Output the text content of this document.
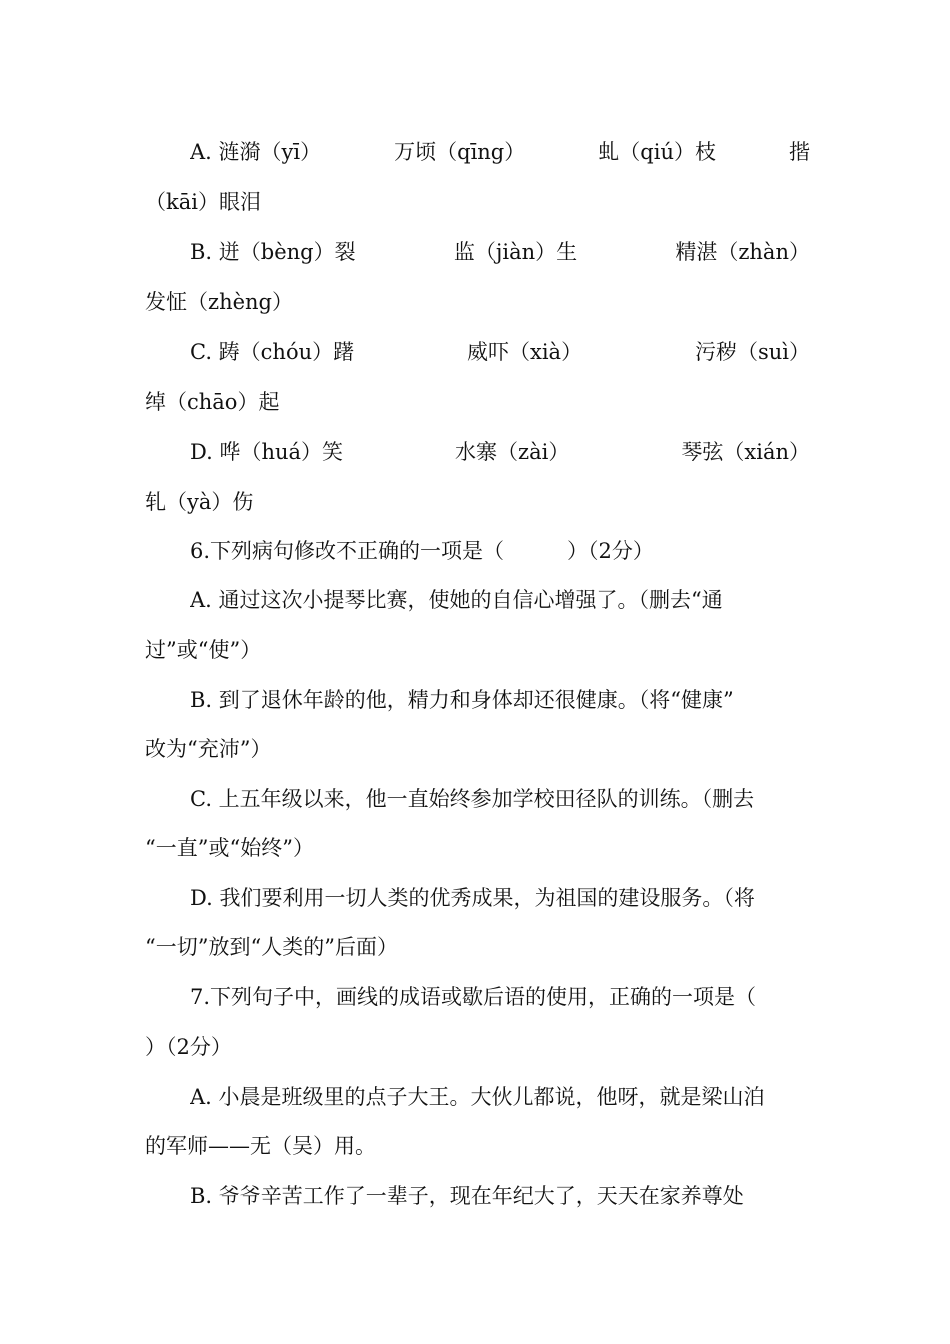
A. 涟漪（yī）	万顷（qīng）	虬（qiú）枝	揩
（kāi）眼泪
B. 迸（bèng）裂	监（jiàn）生	精湛（zhàn）
发怔（zhèng）
C. 踌（chóu）躇	威吓（xià）	污秽（suì）
绰（chāo）起
D. 哗（huá）笑	水寨（zài）	琴弦（xián）
轧（yà）伤
6.下列病句修改不正确的一项是（　　　）（2分）
A. 通过这次小提琴比赛，使她的自信心增强了。（删去“通
过”或“使”）
B. 到了退休年龄的他，精力和身体却还很健康。（将“健康”
改为“充沛”）
C. 上五年级以来，他一直始终参加学校田径队的训练。（删去
“一直”或“始终”）
D. 我们要利用一切人类的优秀成果，为祖国的建设服务。（将
“一切”放到“人类的”后面）
7.下列句子中，画线的成语或歇后语的使用，正确的一项是（
）（2分）
A. 小晨是班级里的点子大王。大伙儿都说，他呀，就是梁山泊
的军师——无（吴）用。
B. 爷爷辛苦工作了一辈子，现在年纪大了，天天在家养尊处
